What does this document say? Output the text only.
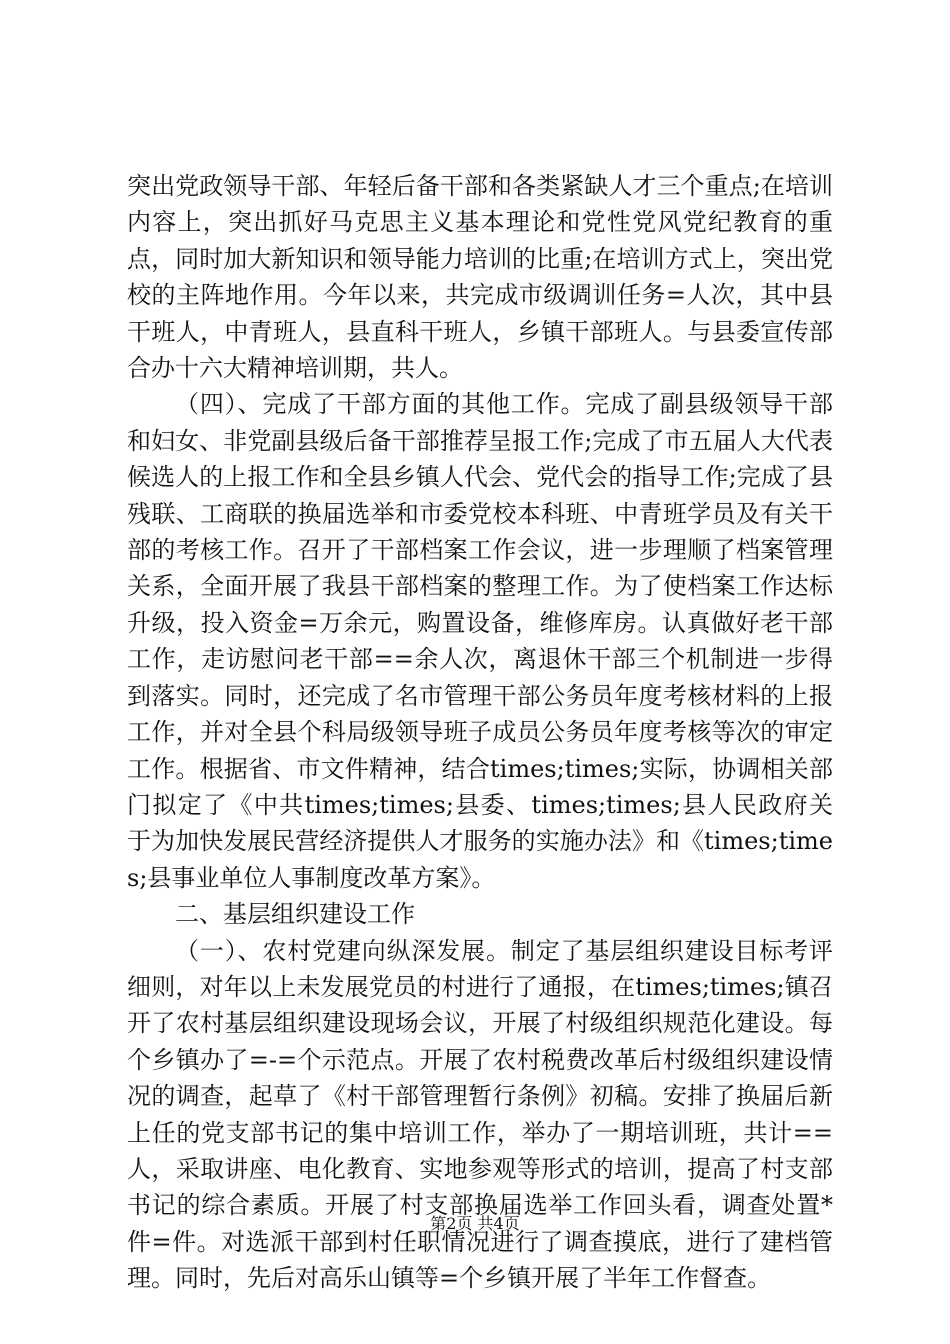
突出党政领导干部、年轻后备干部和各类紧缺人才三个重点;在培训内容上，突出抓好马克思主义基本理论和党性党风党纪教育的重点，同时加大新知识和领导能力培训的比重;在培训方式上，突出党校的主阵地作用。今年以来，共完成市级调训任务=人次，其中县干班人，中青班人，县直科干班人，乡镇干部班人。与县委宣传部合办十六大精神培训期，共人。

（四）、完成了干部方面的其他工作。完成了副县级领导干部和妇女、非党副县级后备干部推荐呈报工作;完成了市五届人大代表候选人的上报工作和全县乡镇人代会、党代会的指导工作;完成了县残联、工商联的换届选举和市委党校本科班、中青班学员及有关干部的考核工作。召开了干部档案工作会议，进一步理顺了档案管理关系，全面开展了我县干部档案的整理工作。为了使档案工作达标升级，投入资金=万余元，购置设备，维修库房。认真做好老干部工作，走访慰问老干部==余人次，离退休干部三个机制进一步得到落实。同时，还完成了名市管理干部公务员年度考核材料的上报工作，并对全县个科局级领导班子成员公务员年度考核等次的审定工作。根据省、市文件精神，结合times;times;实际，协调相关部门拟定了《中共times;times;县委、times;times;县人民政府关于为加快发展民营经济提供人才服务的实施办法》和《times;times;县事业单位人事制度改革方案》。

二、基层组织建设工作

（一）、农村党建向纵深发展。制定了基层组织建设目标考评细则，对年以上未发展党员的村进行了通报，在times;times;镇召开了农村基层组织建设现场会议，开展了村级组织规范化建设。每个乡镇办了=-=个示范点。开展了农村税费改革后村级组织建设情况的调查，起草了《村干部管理暂行条例》初稿。安排了换届后新上任的党支部书记的集中培训工作，举办了一期培训班，共计==人，采取讲座、电化教育、实地参观等形式的培训，提高了村支部书记的综合素质。开展了村支部换届选举工作回头看，调查处置*件=件。对选派干部到村任职情况进行了调查摸底，进行了建档管理。同时，先后对高乐山镇等=个乡镇开展了半年工作督查。

第2页 共4页
